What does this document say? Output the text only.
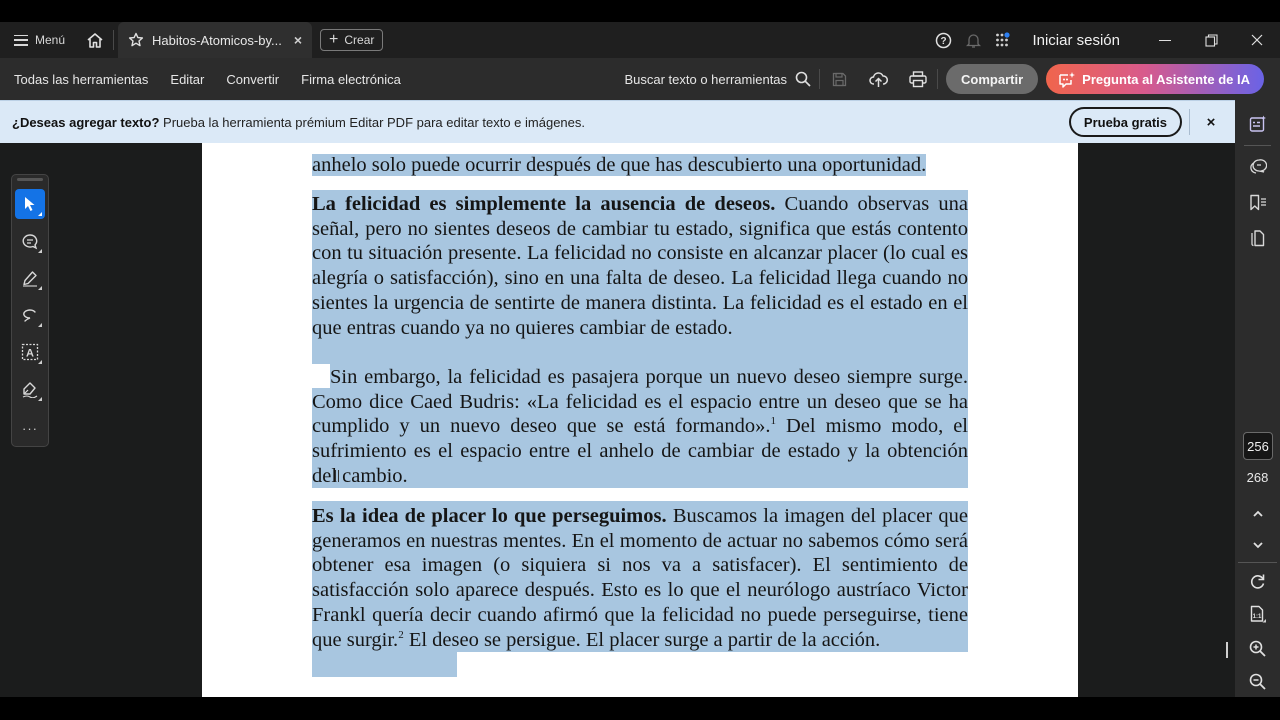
Menú	Habitos-Atomicos-by... × + Crear	?	Iniciar sesión
Todas las herramientas	Editar	Convertir	Firma electrónica	Buscar texto o herramientas	Compartir	Pregunta al Asistente de IA
¿Deseas agregar texto? Prueba la herramienta prémium Editar PDF para editar texto e imágenes.	Prueba gratis	×
A
···
anhelo solo puede ocurrir después de que has descubierto una oportunidad.
La felicidad es simplemente la ausencia de deseos. Cuando observas una señal, pero no sientes deseos de cambiar tu estado, significa que estás contento con tu situación presente. La felicidad no consiste en alcanzar placer (lo cual es alegría o satisfacción), sino en una falta de deseo. La felicidad llega cuando no sientes la urgencia de sentirte de manera distinta. La felicidad es el estado en el que entras cuando ya no quieres cambiar de estado.
Sin embargo, la felicidad es pasajera porque un nuevo deseo siempre surge. Como dice Caed Budris: «La felicidad es el espacio entre un deseo que se ha cumplido y un nuevo deseo que se está formando».$^1$ Del mismo modo, el sufrimiento es el espacio entre el anhelo de cambiar de estado y la obtención del cambio.
Es la idea de placer lo que perseguimos. Buscamos la imagen del placer que generamos en nuestras mentes. En el momento de actuar no sabemos cómo será obtener esa imagen (o siquiera si nos va a satisfacer). El sentimiento de satisfacción solo aparece después. Esto es lo que el neurólogo austríaco Victor Frankl quería decir cuando afirmó que la felicidad no puede perseguirse, tiene que surgir.$^2$ El deseo se persigue. El placer surge a partir de la acción.
256
268
1:1
